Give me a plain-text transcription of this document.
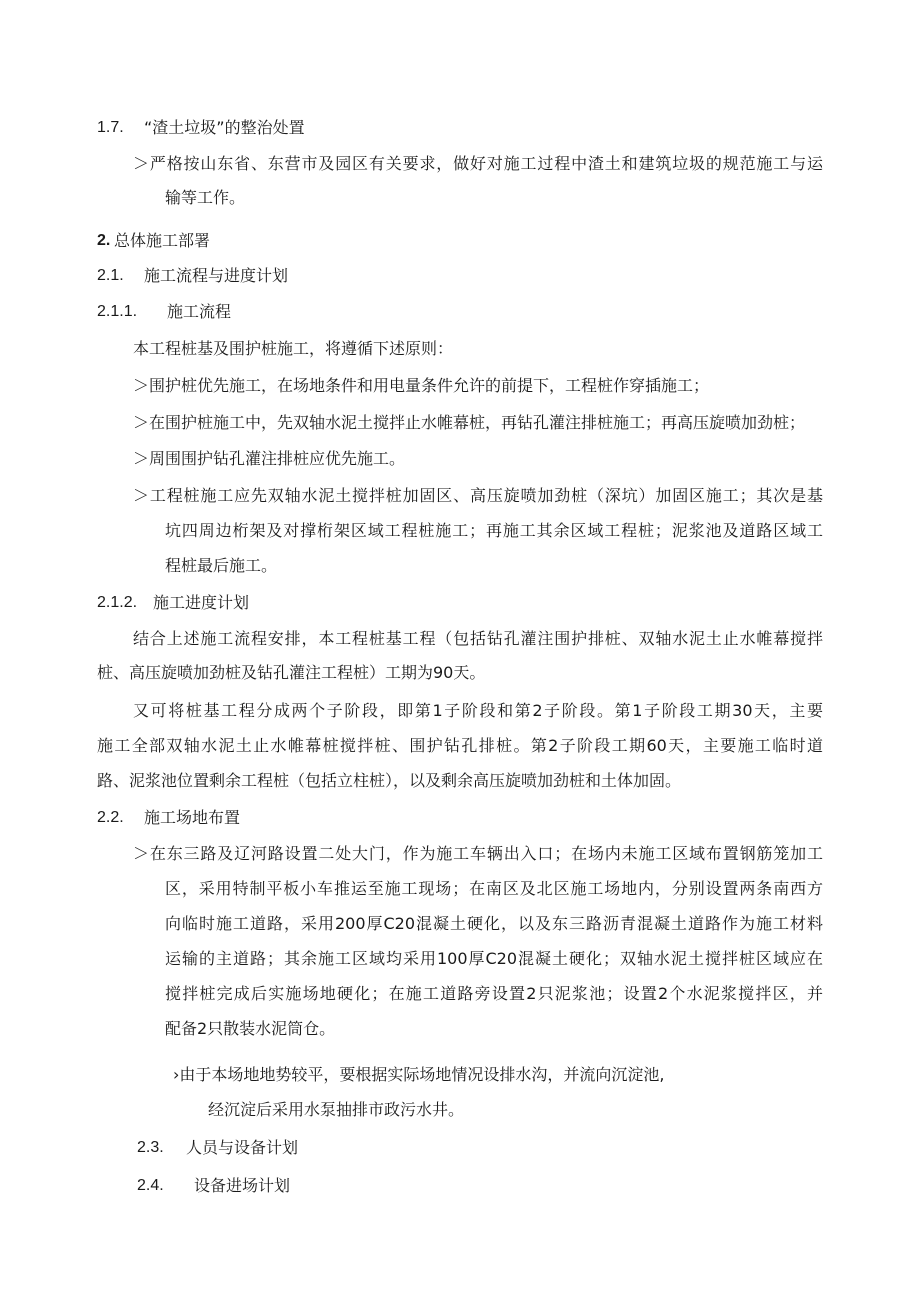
1.7. “渣土垃圾”的整治处置
＞严格按山东省、东营市及园区有关要求，做好对施工过程中渣土和建筑垃圾的规范施工与运
输等工作。
2. 总体施工部署
2.1. 施工流程与进度计划
2.1.1. 施工流程
本工程桩基及围护桩施工，将遵循下述原则：
＞围护桩优先施工，在场地条件和用电量条件允许的前提下，工程桩作穿插施工；
＞在围护桩施工中，先双轴水泥土搅拌止水帷幕桩，再钻孔灌注排桩施工；再高压旋喷加劲桩；
＞周围围护钻孔灌注排桩应优先施工。
＞工程桩施工应先双轴水泥土搅拌桩加固区、高压旋喷加劲桩（深坑）加固区施工；其次是基
坑四周边桁架及对撑桁架区域工程桩施工；再施工其余区域工程桩；泥浆池及道路区域工
程桩最后施工。
2.1.2. 施工进度计划
结合上述施工流程安排，本工程桩基工程（包括钻孔灌注围护排桩、双轴水泥土止水帷幕搅拌
桩、高压旋喷加劲桩及钻孔灌注工程桩）工期为90天。
又可将桩基工程分成两个子阶段，即第1子阶段和第2子阶段。第1子阶段工期30天，主要
施工全部双轴水泥土止水帷幕桩搅拌桩、围护钻孔排桩。第2子阶段工期60天，主要施工临时道
路、泥浆池位置剩余工程桩（包括立柱桩），以及剩余高压旋喷加劲桩和土体加固。
2.2. 施工场地布置
＞在东三路及辽河路设置二处大门，作为施工车辆出入口；在场内未施工区域布置钢筋笼加工
区，采用特制平板小车推运至施工现场；在南区及北区施工场地内，分别设置两条南西方
向临时施工道路，采用200厚C20混凝土硬化，以及东三路沥青混凝土道路作为施工材料
运输的主道路；其余施工区域均采用100厚C20混凝土硬化；双轴水泥土搅拌桩区域应在
搅拌桩完成后实施场地硬化；在施工道路旁设置2只泥浆池；设置2个水泥浆搅拌区，并
配备2只散装水泥筒仓。
›由于本场地地势较平，要根据实际场地情况设排水沟，并流向沉淀池,
经沉淀后采用水泵抽排市政污水井。
2.3. 人员与设备计划
2.4. 设备进场计划
